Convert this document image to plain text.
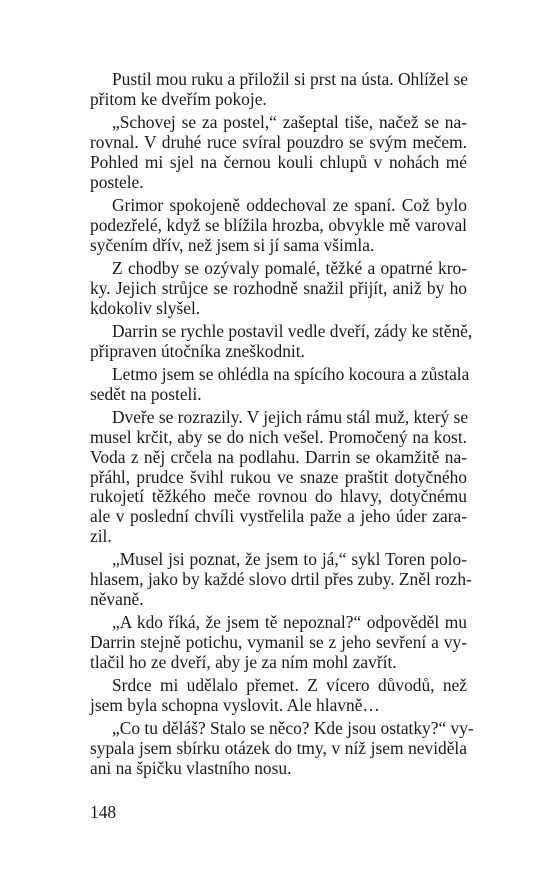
Pustil mou ruku a přiložil si prst na ústa. Ohlížel se
přitom ke dveřím pokoje.
„Schovej se za postel,“ zašeptal tiše, načež se na-
rovnal. V druhé ruce svíral pouzdro se svým mečem.
Pohled mi sjel na černou kouli chlupů v nohách mé
postele.
Grimor spokojeně oddechoval ze spaní. Což bylo
podezřelé, když se blížila hrozba, obvykle mě varoval
syčením dřív, než jsem si jí sama všimla.
Z chodby se ozývaly pomalé, těžké a opatrné kro-
ky. Jejich strůjce se rozhodně snažil přijít, aniž by ho
kdokoliv slyšel.
Darrin se rychle postavil vedle dveří, zády ke stěně,
připraven útočníka zneškodnit.
Letmo jsem se ohlédla na spícího kocoura a zůstala
sedět na posteli.
Dveře se rozrazily. V jejich rámu stál muž, který se
musel krčit, aby se do nich vešel. Promočený na kost.
Voda z něj crčela na podlahu. Darrin se okamžitě na-
přáhl, prudce švihl rukou ve snaze praštit dotyčného
rukojetí těžkého meče rovnou do hlavy, dotyčnému
ale v poslední chvíli vystřelila paže a jeho úder zara-
zil.
„Musel jsi poznat, že jsem to já,“ sykl Toren polo-
hlasem, jako by každé slovo drtil přes zuby. Zněl rozh-
něvaně.
„A kdo říká, že jsem tě nepoznal?“ odpověděl mu
Darrin stejně potichu, vymanil se z jeho sevření a vy-
tlačil ho ze dveří, aby je za ním mohl zavřít.
Srdce mi udělalo přemet. Z vícero důvodů, než
jsem byla schopna vyslovit. Ale hlavně…
„Co tu děláš? Stalo se něco? Kde jsou ostatky?“ vy-
sypala jsem sbírku otázek do tmy, v níž jsem neviděla
ani na špičku vlastního nosu.
148
